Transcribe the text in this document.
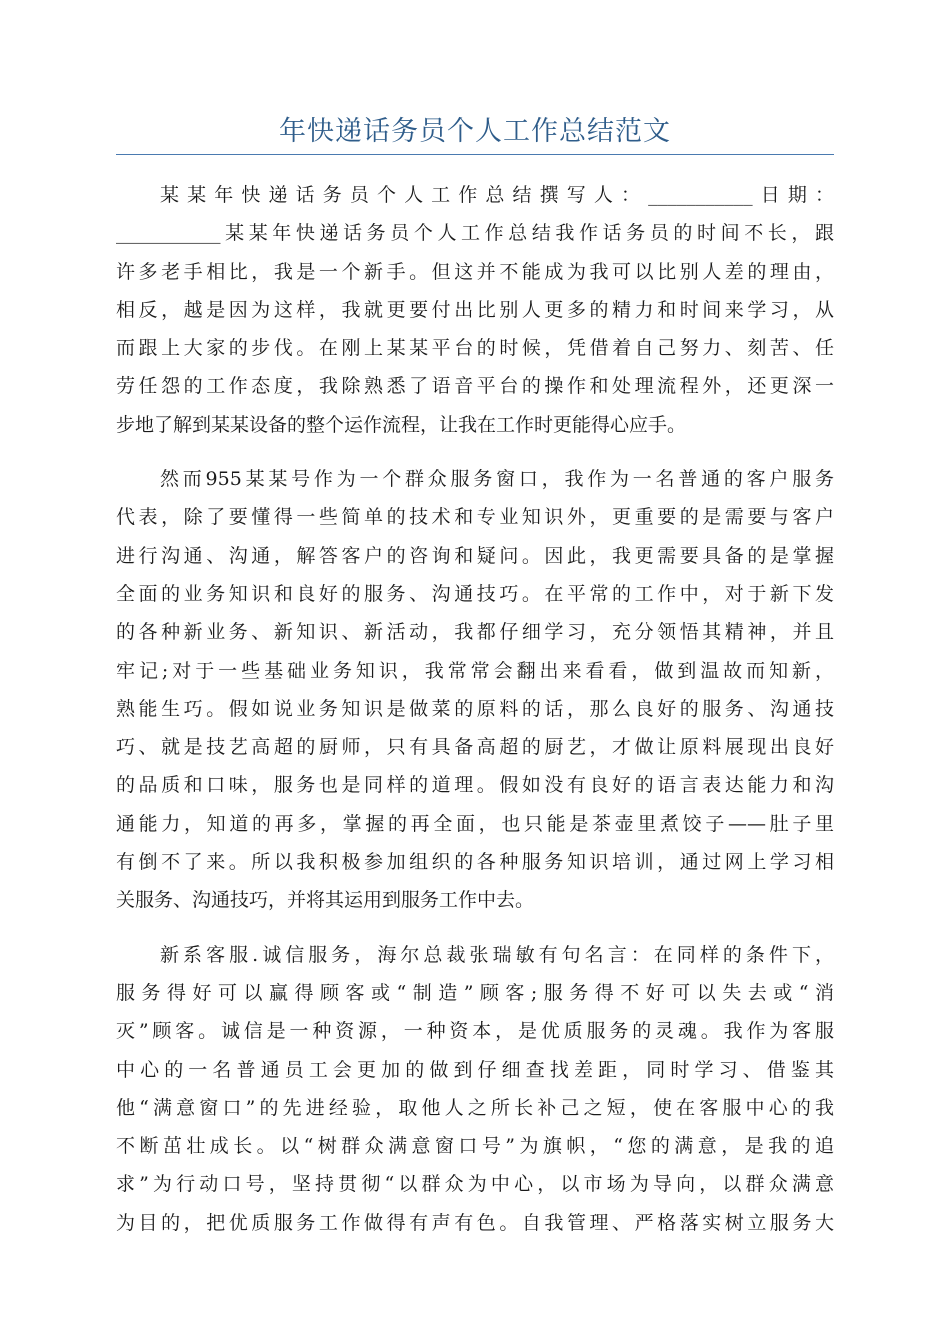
年快递话务员个人工作总结范文
某某年快递话务员个人工作总结撰写人：___________日期：
___________某某年快递话务员个人工作总结我作话务员的时间不长，跟
许多老手相比，我是一个新手。但这并不能成为我可以比别人差的理由，
相反，越是因为这样，我就更要付出比别人更多的精力和时间来学习，从
而跟上大家的步伐。在刚上某某平台的时候，凭借着自己努力、刻苦、任
劳任怨的工作态度，我除熟悉了语音平台的操作和处理流程外，还更深一
步地了解到某某设备的整个运作流程，让我在工作时更能得心应手。
然而955某某号作为一个群众服务窗口，我作为一名普通的客户服务
代表，除了要懂得一些简单的技术和专业知识外，更重要的是需要与客户
进行沟通、沟通，解答客户的咨询和疑问。因此，我更需要具备的是掌握
全面的业务知识和良好的服务、沟通技巧。在平常的工作中，对于新下发
的各种新业务、新知识、新活动，我都仔细学习，充分领悟其精神，并且
牢记;对于一些基础业务知识，我常常会翻出来看看，做到温故而知新，
熟能生巧。假如说业务知识是做菜的原料的话，那么良好的服务、沟通技
巧、就是技艺高超的厨师，只有具备高超的厨艺，才做让原料展现出良好
的品质和口味，服务也是同样的道理。假如没有良好的语言表达能力和沟
通能力，知道的再多，掌握的再全面，也只能是茶壶里煮饺子——肚子里
有倒不了来。所以我积极参加组织的各种服务知识培训，通过网上学习相
关服务、沟通技巧，并将其运用到服务工作中去。
新系客服.诚信服务，海尔总裁张瑞敏有句名言：在同样的条件下，
服务得好可以赢得顾客或“制造”顾客;服务得不好可以失去或“消
灭”顾客。诚信是一种资源，一种资本，是优质服务的灵魂。我作为客服
中心的一名普通员工会更加的做到仔细查找差距，同时学习、借鉴其
他“满意窗口”的先进经验，取他人之所长补己之短，使在客服中心的我
不断茁壮成长。以“树群众满意窗口号”为旗帜，“您的满意，是我的追
求”为行动口号，坚持贯彻“以群众为中心，以市场为导向，以群众满意
为目的，把优质服务工作做得有声有色。自我管理、严格落实树立服务大
